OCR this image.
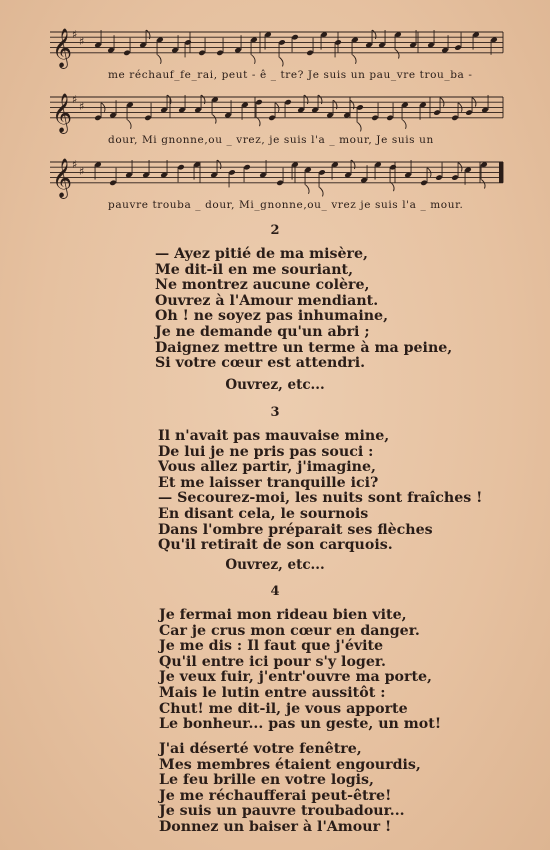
𝄞 ♯
♯
𝄞 ♯
♯
𝄞 ♯
♯
me réchauf_fe_rai, peut - ê _ tre? Je suis un pau_vre trou_ba -
dour, Mi gnonne,ou _ vrez, je suis l'a _ mour, Je suis un
pauvre trouba _ dour, Mi_gnonne,ou_ vrez je suis l'a _ mour.
2
— Ayez pitié de ma misère,
Me dit-il en me souriant,
Ne montrez aucune colère,
Ouvrez à l'Amour mendiant.
Oh ! ne soyez pas inhumaine,
Je ne demande qu'un abri ;
Daignez mettre un terme à ma peine,
Si votre cœur est attendri.
Ouvrez, etc...
3
Il n'avait pas mauvaise mine,
De lui je ne pris pas souci :
Vous allez partir, j'imagine,
Et me laisser tranquille ici?
— Secourez-moi, les nuits sont fraîches !
En disant cela, le sournois
Dans l'ombre préparait ses flèches
Qu'il retirait de son carquois.
Ouvrez, etc...
4
Je fermai mon rideau bien vite,
Car je crus mon cœur en danger.
Je me dis : Il faut que j'évite
Qu'il entre ici pour s'y loger.
Je veux fuir, j'entr'ouvre ma porte,
Mais le lutin entre aussitôt :
Chut! me dit-il, je vous apporte
Le bonheur... pas un geste, un mot!
J'ai déserté votre fenêtre,
Mes membres étaient engourdis,
Le feu brille en votre logis,
Je me réchaufferai peut-être!
Je suis un pauvre troubadour...
Donnez un baiser à l'Amour !
